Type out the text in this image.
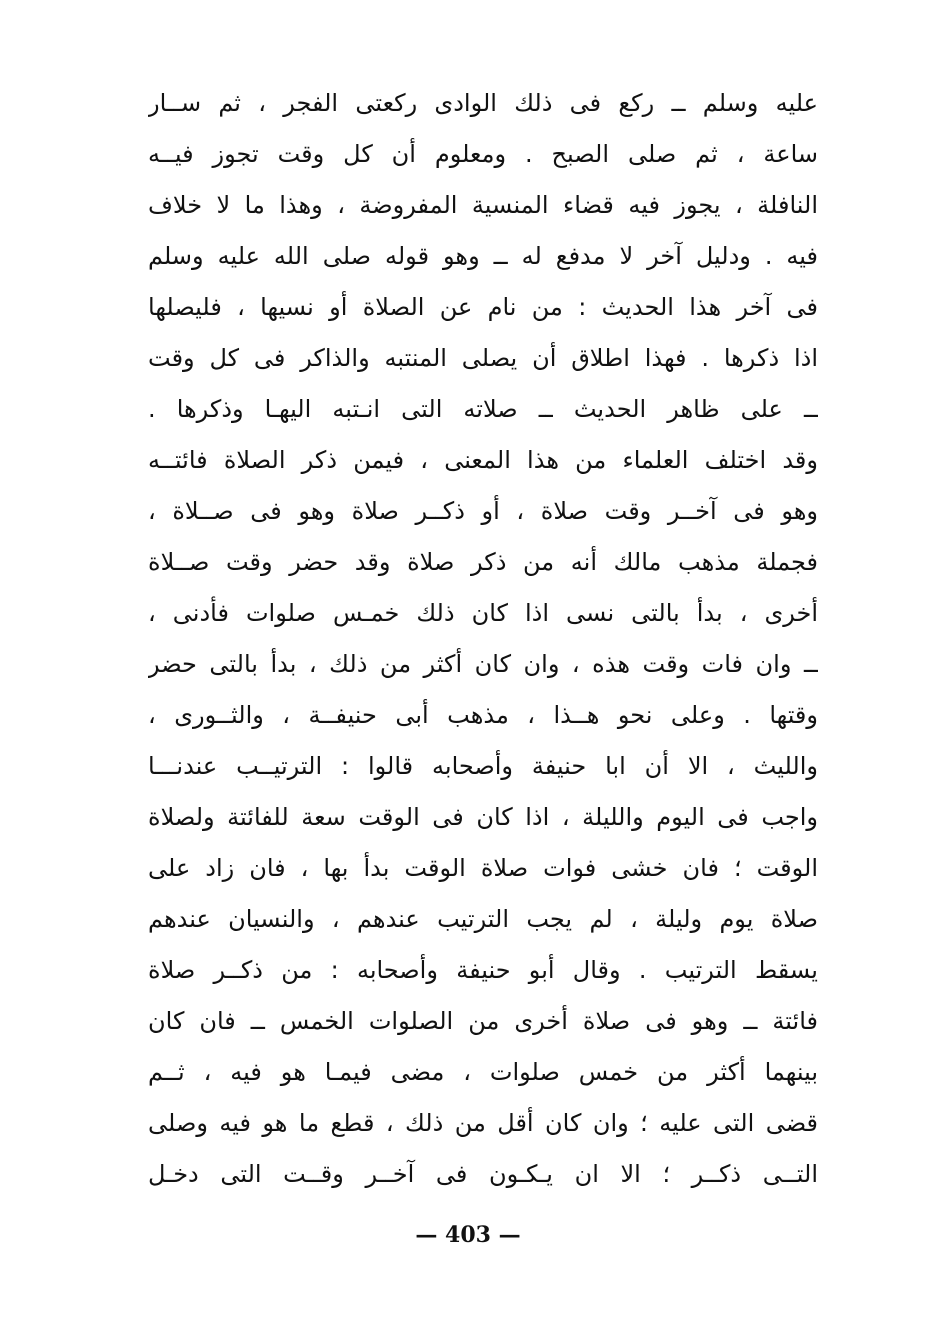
عليه وسلم ــ ركع فى ذلك الوادى ركعتى الفجر ، ثم ســار
ساعة ، ثم صلى الصبح . ومعلوم أن كل وقت تجوز فيــه
النافلة ، يجوز فيه قضاء المنسية المفروضة ، وهذا ما لا خلاف
فيه . ودليل آخر لا مدفع له ــ وهو قوله صلى الله عليه وسلم
فى آخر هذا الحديث : من نام عن الصلاة أو نسيها ، فليصلها
اذا ذكرها . فهذا اطلاق أن يصلى المنتبه والذاكر فى كل وقت
ــ على ظاهر الحديث ــ صلاته التى انـتبه اليهـا وذكرها .
وقد اختلف العلماء من هذا المعنى ، فيمن ذكر الصلاة فائتــه
وهو فى آخــر وقت صلاة ، أو ذكــر صلاة وهو فى صــلاة ،
فجملة مذهب مالك أنه من ذكر صلاة وقد حضر وقت صــلاة
أخرى ، بدأ بالتى نسى اذا كان ذلك خمـس صلوات فأدنى ،
ــ وان فات وقت هذه ، وان كان أكثر من ذلك ، بدأ بالتى حضر
وقتها . وعلى نحو هــذا ، مذهب أبى حنيفــة ، والثــورى ،
والليث ، الا أن ابا حنيفة وأصحابه قالوا : الترتيــب عندنـــا
واجب فى اليوم والليلة ، اذا كان فى الوقت سعة للفائتة ولصلاة
الوقت ؛ فان خشى فوات صلاة الوقت بدأ بها ، فان زاد على
صلاة يوم وليلة ، لم يجب الترتيب عندهم ، والنسيان عندهم
يسقط الترتيب . وقال أبو حنيفة وأصحابه : من ذكــر صلاة
فائتة ــ وهو فى صلاة أخرى من الصلوات الخمس ــ فان كان
بينهما أكثر من خمس صلوات ، مضى فيمـا هو فيه ، ثــم
قضى التى عليه ؛ وان كان أقل من ذلك ، قطع ما هو فيه وصلى
التــى ذكــر ؛ الا ان يـكـون فى آخــر وقــت التى دخـل
— 403 —
